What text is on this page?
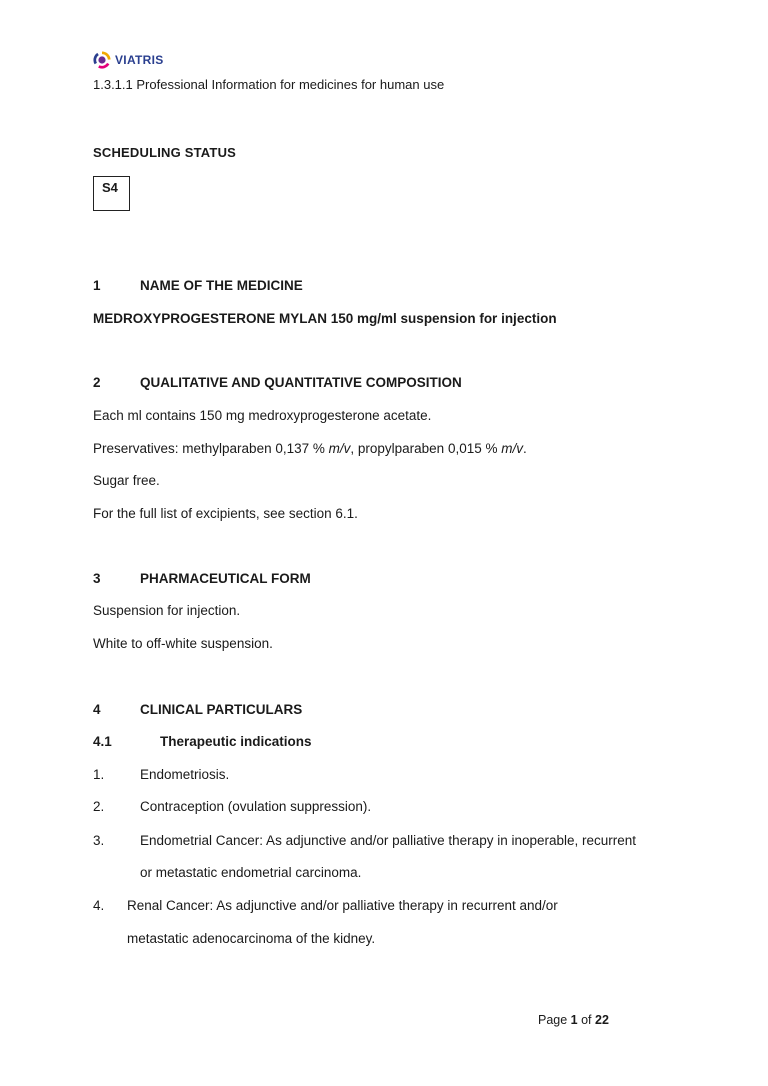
VIATRIS
1.3.1.1 Professional Information for medicines for human use
SCHEDULING STATUS
S4
1	NAME OF THE MEDICINE
MEDROXYPROGESTERONE MYLAN 150 mg/ml suspension for injection
2	QUALITATIVE AND QUANTITATIVE COMPOSITION
Each ml contains 150 mg medroxyprogesterone acetate.
Preservatives: methylparaben 0,137 % m/v, propylparaben 0,015 % m/v.
Sugar free.
For the full list of excipients, see section 6.1.
3	PHARMACEUTICAL FORM
Suspension for injection.
White to off-white suspension.
4	CLINICAL PARTICULARS
4.1	Therapeutic indications
1.	Endometriosis.
2.	Contraception (ovulation suppression).
3.	Endometrial Cancer: As adjunctive and/or palliative therapy in inoperable, recurrent
or metastatic endometrial carcinoma.
4. Renal Cancer: As adjunctive and/or palliative therapy in recurrent and/or
metastatic adenocarcinoma of the kidney.
Page 1 of 22
